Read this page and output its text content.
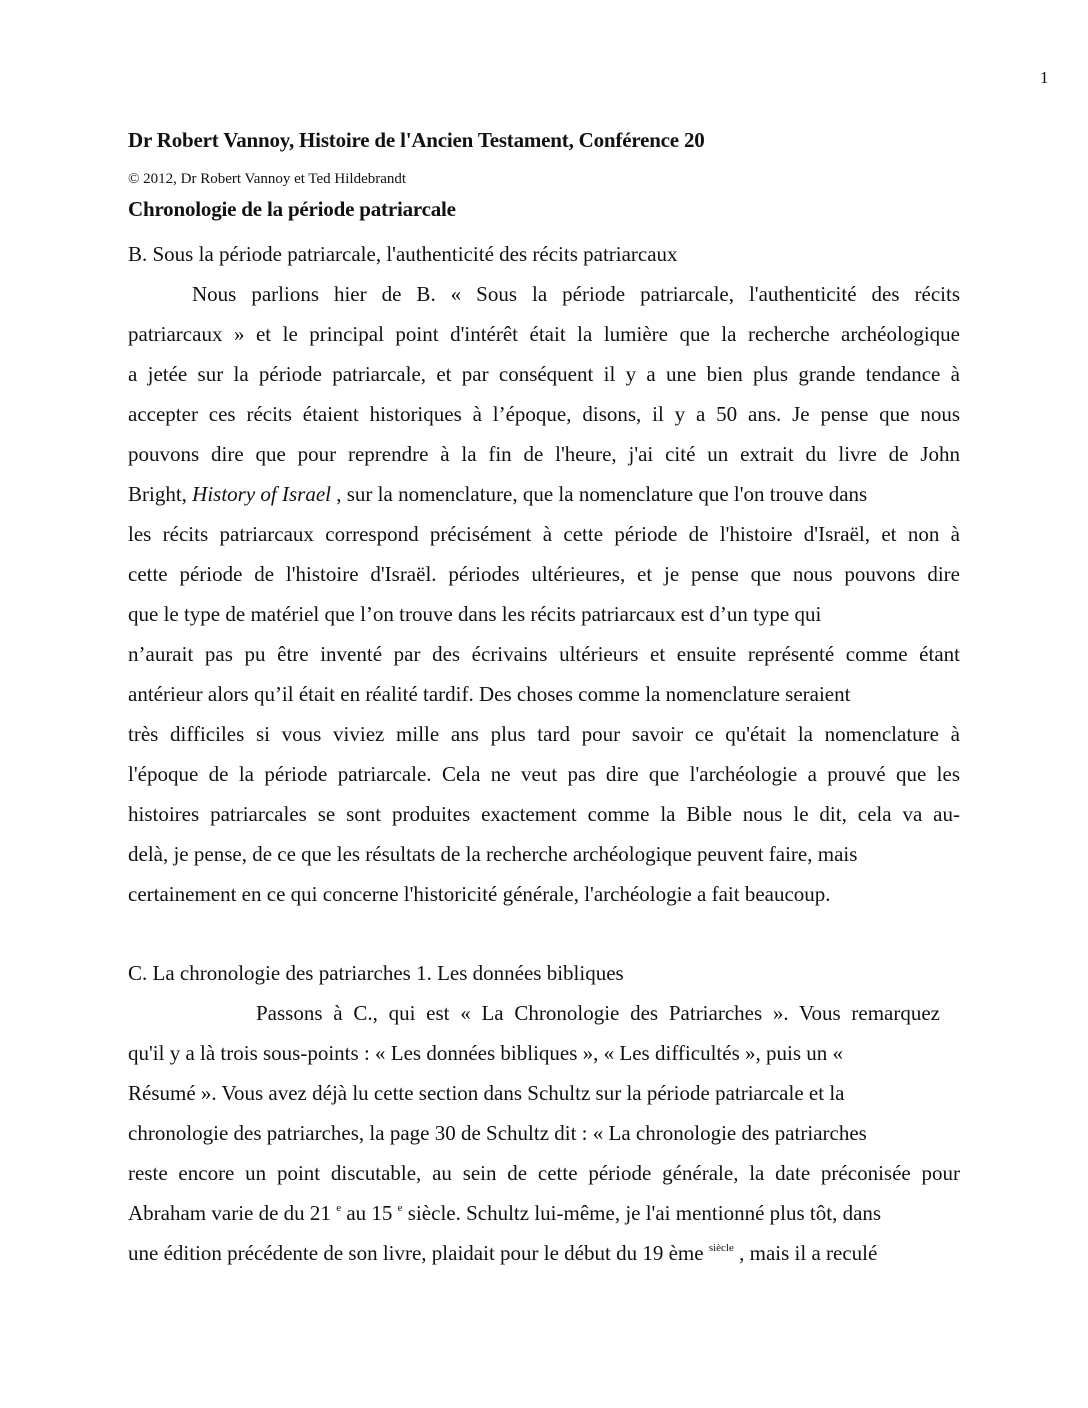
1
Dr Robert Vannoy, Histoire de l'Ancien Testament, Conférence 20
© 2012, Dr Robert Vannoy et Ted Hildebrandt
Chronologie de la période patriarcale
B. Sous la période patriarcale, l'authenticité des récits patriarcaux
Nous parlions hier de B. « Sous la période patriarcale, l'authenticité des récits
patriarcaux » et le principal point d'intérêt était la lumière que la recherche archéologique
a jetée sur la période patriarcale, et par conséquent il y a une bien plus grande tendance à
accepter ces récits étaient historiques à l’époque, disons, il y a 50 ans. Je pense que nous
pouvons dire que pour reprendre à la fin de l'heure, j'ai cité un extrait du livre de John
Bright, History of Israel , sur la nomenclature, que la nomenclature que l'on trouve dans
les récits patriarcaux correspond précisément à cette période de l'histoire d'Israël, et non à
cette période de l'histoire d'Israël. périodes ultérieures, et je pense que nous pouvons dire
que le type de matériel que l’on trouve dans les récits patriarcaux est d’un type qui
n’aurait pas pu être inventé par des écrivains ultérieurs et ensuite représenté comme étant
antérieur alors qu’il était en réalité tardif. Des choses comme la nomenclature seraient
très difficiles si vous viviez mille ans plus tard pour savoir ce qu'était la nomenclature à
l'époque de la période patriarcale. Cela ne veut pas dire que l'archéologie a prouvé que les
histoires patriarcales se sont produites exactement comme la Bible nous le dit, cela va au-
delà, je pense, de ce que les résultats de la recherche archéologique peuvent faire, mais
certainement en ce qui concerne l'historicité générale, l'archéologie a fait beaucoup.
C. La chronologie des patriarches 1. Les données bibliques
Passons à C., qui est « La Chronologie des Patriarches ». Vous remarquez
qu'il y a là trois sous-points : « Les données bibliques », « Les difficultés », puis un «
Résumé ». Vous avez déjà lu cette section dans Schultz sur la période patriarcale et la
chronologie des patriarches, la page 30 de Schultz dit : « La chronologie des patriarches
reste encore un point discutable, au sein de cette période générale, la date préconisée pour
Abraham varie de du 21 $^e$ au 15 $^e$ siècle. Schultz lui-même, je l'ai mentionné plus tôt, dans
une édition précédente de son livre, plaidait pour le début du 19 ème $^{siècle}$ , mais il a reculé
